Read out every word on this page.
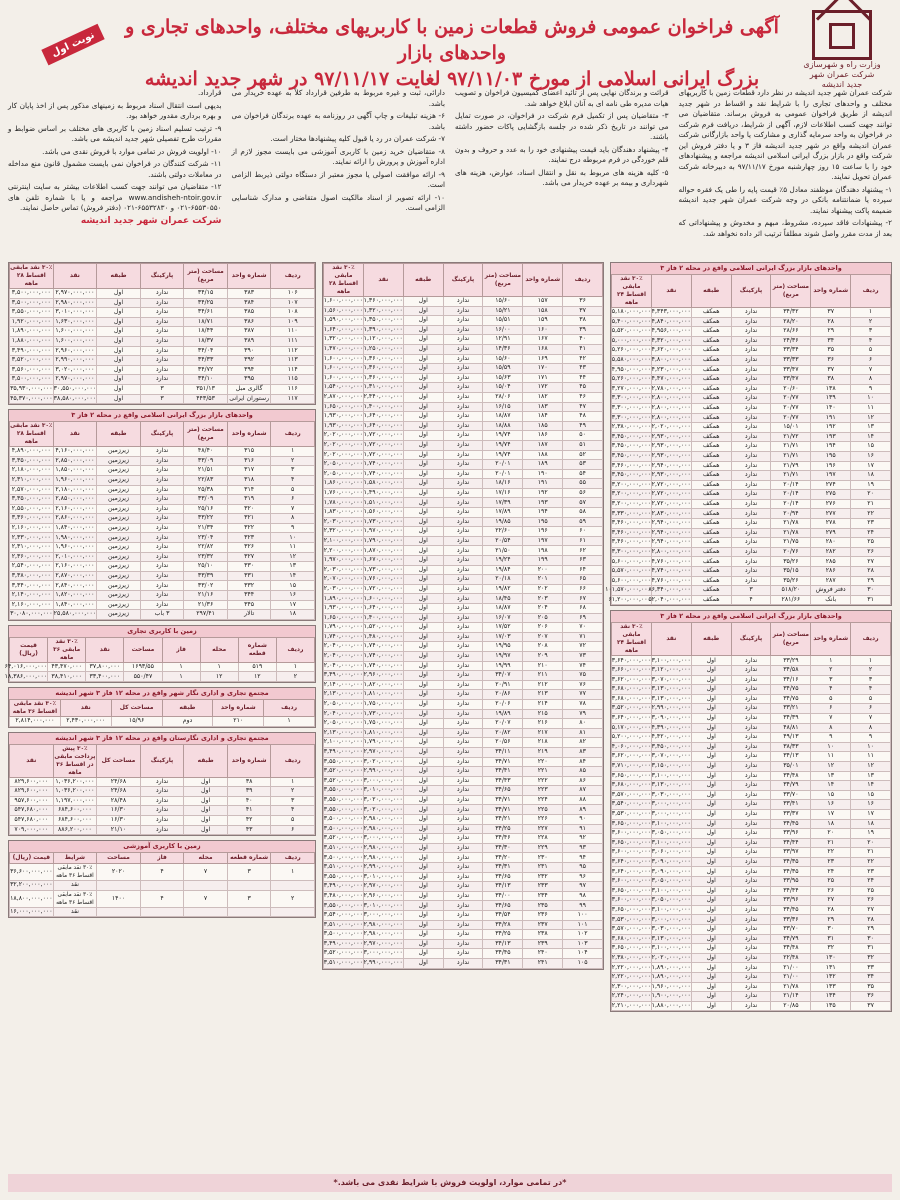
وزارت راه و شهرسازی
شرکت عمران شهر جدید اندیشه
آگهی فراخوان عمومی فروش قطعات زمین با کاربریهای مختلف، واحدهای تجاری و واحدهای بازار
بزرگ ایرانی اسلامی از مورخ ۹۷/۱۱/۰۳ لغایت ۹۷/۱۱/۱۷ در شهر جدید اندیشه
نوبت اول

شرکت عمران شهر جدید اندیشه در نظر دارد قطعات زمین با کاربریهای مختلف و واحدهای تجاری را با شرایط نقد و اقساط در شهر جدید اندیشه از طریق فراخوان عمومی به فروش برساند. متقاضیان می توانند جهت کسب اطلاعات لازم، آگهی از شرایط، دریافت فرم شرکت در فراخوان به واحد سرمایه گذاری و مشارکت یا واحد بازارگانی شرکت عمران اندیشه واقع در شهر جدید اندیشه فاز ۳ و یا دفتر فروش این شرکت واقع در بازار بزرگ ایرانی اسلامی اندیشه مراجعه و پیشنهادهای خود را با ساعت ۱۵ روز چهارشنبه مورخ ۹۷/۱۱/۱۷ به دبیرخانه شرکت عمران تحویل نمایند.

۱- پیشنهاد دهندگان موظفند معادل ۵٪ قیمت پایه را طی یک فقره حواله سپرده یا ضمانتنامه بانکی در وجه شرکت عمران شهر جدید اندیشه ضمیمه پاکت پیشنهاد نمایند.

۲- پیشنهادات فاقد سپرده، مشروط، مبهم و مخدوش و پیشنهاداتی که بعد از مدت مقرر واصل شوند مطلقاً ترتیب اثر داده نخواهد شد.

قرائت و برندگان نهایی پس از تائید اعضای کمیسیون فراخوان و تصویب هیات مدیره طی نامه ای به آنان ابلاغ خواهد شد.

۳- متقاضیان پس از تکمیل فرم شرکت در فراخوان، در صورت تمایل می توانند در تاریخ ذکر شده در جلسه بازگشایی پاکات حضور داشته باشند.

۴- پیشنهاد دهندگان باید قیمت پیشنهادی خود را به عدد و حروف و بدون قلم خوردگی در فرم مربوطه درج نمایند.

۵- کلیه هزینه های مربوط به نقل و انتقال اسناد، عوارض، هزینه های شهرداری و بیمه بر عهده خریدار می باشد.

دارائی، ثبت و غیره مربوط به طرفین قرارداد کلاً به عهده خریدار می باشد.

۶- هزینه تبلیغات و چاپ آگهی در روزنامه به عهده برندگان فراخوان می باشد.

۷- شرکت عمران در رد یا قبول کلیه پیشنهادها مختار است.

۸- متقاضیان خرید زمین با کاربری آموزشی می بایست مجوز لازم از اداره آموزش و پرورش را ارائه نمایند.

۹- ارائه موافقت اصولی یا مجوز معتبر از دستگاه دولتی ذیربط الزامی است.

۱۰- ارائه تصویر از اسناد مالکیت اصول متقاضی و مدارک شناسایی الزامی است.

قرارداد.

بدیهی است انتقال اسناد مربوط به زمینهای مذکور پس از اخذ پایان کار و بهره برداری مقدور خواهد بود.

۹- ترتیب تسلیم اسناد زمین با کاربری های مختلف بر اساس ضوابط و مقررات طرح تفصیلی شهر جدید اندیشه می باشد.

۱۰- اولویت فروش در تمامی موارد با فروش نقدی می باشد.

۱۱- شرکت کنندگان در فراخوان نمی بایست مشمول قانون منع مداخله در معاملات دولتی باشند.

۱۲- متقاضیان می توانند جهت کسب اطلاعات بیشتر به سایت اینترنتی www.andisheh-ntoir.gov.ir مراجعه و یا با شماره تلفن های ۶۵۵۳۰۵۵۰-۰۲۱ و ۶۵۵۳۲۸۳۰-۰۲۱ (دفتر فروش) تماس حاصل نمایند.

شرکت عمران شهر جدید اندیشه

واحدهای بازار بزرگ ایرانی اسلامی واقع در محله ۲ فاز ۳
ردیف	شماره واحد	مساحت (متر مربع)	پارکینگ	طبقه	نقد	۳۰٪ نقد مابقی اقساط ۲۴ ماهه
۱	۳۷	۳۴/۳۲	ندارد	همکف	۴,۳۴۳,۰۰۰,۰۰۰	۵,۱۸۰,۰۰۰,۰۰۰
۲	۲۸	۲۸/۲۰	ندارد	همکف	۴,۸۴۰,۰۰۰,۰۰۰	۵,۴۰۰,۰۰۰,۰۰۰
۳	۲۹	۲۸/۶۶	ندارد	همکف	۴,۹۵۶,۰۰۰,۰۰۰	۵,۵۲۰,۰۰۰,۰۰۰
۴	۳۴	۲۴/۳۶	ندارد	همکف	۴,۳۲۰,۰۰۰,۰۰۰	۵,۰۰۰,۰۰۰,۰۰۰
۵	۳۵	۳۳/۳۴	ندارد	همکف	۴,۶۲۰,۰۰۰,۰۰۰	۵,۲۶۰,۰۰۰,۰۰۰
۶	۳۶	۳۳/۳۳	ندارد	همکف	۴,۸۰۰,۰۰۰,۰۰۰	۵,۵۸۰,۰۰۰,۰۰۰
۷	۳۷	۳۳/۴۷	ندارد	همکف	۴,۲۳۰,۰۰۰,۰۰۰	۴,۹۵۰,۰۰۰,۰۰۰
۸	۳۸	۳۳/۴۷	ندارد	همکف	۴,۴۷۰,۰۰۰,۰۰۰	۵,۲۶۰,۰۰۰,۰۰۰
۹	۱۳۸	۲۰/۶۰	ندارد	همکف	۲,۷۸۰,۰۰۰,۰۰۰	۳,۲۷۰,۰۰۰,۰۰۰
۱۰	۱۳۹	۲۰/۷۷	ندارد	همکف	۲,۸۰۰,۰۰۰,۰۰۰	۳,۳۰۰,۰۰۰,۰۰۰
۱۱	۱۴۰	۲۰/۷۷	ندارد	همکف	۲,۸۰۰,۰۰۰,۰۰۰	۳,۳۰۰,۰۰۰,۰۰۰
۱۲	۱۹۱	۲۰/۷۷	ندارد	همکف	۲,۸۰۰,۰۰۰,۰۰۰	۳,۳۰۰,۰۰۰,۰۰۰
۱۳	۱۹۲	۱۵/۰۱	ندارد	همکف	۲,۰۲۰,۰۰۰,۰۰۰	۲,۳۸۰,۰۰۰,۰۰۰
۱۴	۱۹۳	۲۱/۷۲	ندارد	همکف	۲,۹۳۰,۰۰۰,۰۰۰	۳,۴۵۰,۰۰۰,۰۰۰
۱۵	۱۹۴	۲۱/۷۱	ندارد	همکف	۲,۹۳۰,۰۰۰,۰۰۰	۳,۴۵۰,۰۰۰,۰۰۰
۱۶	۱۹۵	۲۱/۷۱	ندارد	همکف	۲,۹۳۰,۰۰۰,۰۰۰	۳,۴۵۰,۰۰۰,۰۰۰
۱۷	۱۹۶	۲۱/۷۹	ندارد	همکف	۲,۹۴۰,۰۰۰,۰۰۰	۳,۴۶۰,۰۰۰,۰۰۰
۱۸	۱۹۷	۲۱/۷۱	ندارد	همکف	۲,۹۳۰,۰۰۰,۰۰۰	۳,۴۵۰,۰۰۰,۰۰۰
۱۹	۲۷۴	۲۰/۱۴	ندارد	همکف	۲,۷۲۰,۰۰۰,۰۰۰	۳,۲۰۰,۰۰۰,۰۰۰
۲۰	۲۷۵	۲۰/۱۴	ندارد	همکف	۲,۷۲۰,۰۰۰,۰۰۰	۳,۲۰۰,۰۰۰,۰۰۰
۲۱	۲۷۶	۲۰/۱۴	ندارد	همکف	۲,۷۲۰,۰۰۰,۰۰۰	۳,۲۰۰,۰۰۰,۰۰۰
۲۲	۲۷۷	۲۰/۹۴	ندارد	همکف	۲,۸۳۰,۰۰۰,۰۰۰	۳,۳۳۰,۰۰۰,۰۰۰
۲۳	۲۷۸	۲۱/۷۸	ندارد	همکف	۲,۹۴۰,۰۰۰,۰۰۰	۳,۴۶۰,۰۰۰,۰۰۰
۲۴	۲۷۹	۲۱/۷۸	ندارد	همکف	۲,۹۴۰,۰۰۰,۰۰۰	۳,۴۶۰,۰۰۰,۰۰۰
۲۵	۲۸۰	۲۱/۷۵	ندارد	همکف	۲,۹۴۰,۰۰۰,۰۰۰	۳,۴۶۰,۰۰۰,۰۰۰
۲۶	۲۸۲	۲۰/۷۶	ندارد	همکف	۲,۸۰۰,۰۰۰,۰۰۰	۳,۳۰۰,۰۰۰,۰۰۰
۲۷	۲۸۵	۳۵/۲۶	ندارد	همکف	۴,۷۶۰,۰۰۰,۰۰۰	۵,۶۰۰,۰۰۰,۰۰۰
۲۸	۲۸۶	۳۵/۱۵	ندارد	همکف	۴,۷۴۰,۰۰۰,۰۰۰	۵,۵۷۰,۰۰۰,۰۰۰
۲۹	۲۸۷	۳۵/۲۶	ندارد	همکف	۴,۷۶۰,۰۰۰,۰۰۰	۵,۶۰۰,۰۰۰,۰۰۰
۳۰	دفتر فروش	۵۱۸/۲۰	۳	همکف	۸۶,۳۴۰,۰۰۰,۰۰۰	۱۰۱,۵۷۰,۰۰۰,۰۰۰
۳۱	بانک	۲۸۱/۶۶	۴	همکف	۵۲,۰۴۰,۰۰۰,۰۰۰	۶۱,۲۰۰,۰۰۰,۰۰۰
واحدهای بازار بزرگ ایرانی اسلامی واقع در محله ۲ فاز ۳
ردیف	شماره واحد	مساحت (متر مربع)	پارکینگ	طبقه	نقد	۳۰٪ نقد مابقی اقساط ۲۴ ماهه
۱	۱	۳۳/۲۹	ندارد	اول	۳,۱۰۰,۰۰۰,۰۰۰	۳,۶۴۰,۰۰۰,۰۰۰
۲	۲	۳۴/۵۸	ندارد	اول	۳,۱۲۰,۰۰۰,۰۰۰	۳,۶۶۰,۰۰۰,۰۰۰
۳	۳	۳۴/۱۶	ندارد	اول	۳,۰۷۰,۰۰۰,۰۰۰	۳,۶۲۰,۰۰۰,۰۰۰
۴	۴	۳۴/۷۵	ندارد	اول	۳,۱۳۰,۰۰۰,۰۰۰	۳,۶۸۰,۰۰۰,۰۰۰
۵	۵	۳۴/۷۵	ندارد	اول	۳,۱۳۰,۰۰۰,۰۰۰	۳,۶۸۰,۰۰۰,۰۰۰
۶	۶	۳۳/۲۱	ندارد	اول	۲,۹۹۰,۰۰۰,۰۰۰	۳,۵۲۰,۰۰۰,۰۰۰
۷	۷	۳۴/۳۹	ندارد	اول	۳,۰۹۰,۰۰۰,۰۰۰	۳,۶۴۰,۰۰۰,۰۰۰
۸	۸	۴۸/۸۱	ندارد	اول	۴,۳۹۰,۰۰۰,۰۰۰	۵,۱۷۰,۰۰۰,۰۰۰
۹	۹	۴۹/۱۳	ندارد	اول	۴,۴۲۰,۰۰۰,۰۰۰	۵,۲۰۰,۰۰۰,۰۰۰
۱۰	۱۰	۳۸/۳۳	ندارد	اول	۳,۴۵۰,۰۰۰,۰۰۰	۴,۰۶۰,۰۰۰,۰۰۰
۱۱	۱۱	۳۴/۱۳	ندارد	اول	۳,۰۷۰,۰۰۰,۰۰۰	۳,۶۲۰,۰۰۰,۰۰۰
۱۲	۱۲	۳۵/۰۱	ندارد	اول	۳,۱۵۰,۰۰۰,۰۰۰	۳,۷۱۰,۰۰۰,۰۰۰
۱۳	۱۳	۳۴/۴۸	ندارد	اول	۳,۱۰۰,۰۰۰,۰۰۰	۳,۶۵۰,۰۰۰,۰۰۰
۱۴	۱۴	۳۴/۷۹	ندارد	اول	۳,۱۳۰,۰۰۰,۰۰۰	۳,۶۸۰,۰۰۰,۰۰۰
۱۵	۱۵	۳۳/۷۰	ندارد	اول	۳,۰۳۰,۰۰۰,۰۰۰	۳,۵۷۰,۰۰۰,۰۰۰
۱۶	۱۶	۳۳/۴۱	ندارد	اول	۳,۰۰۰,۰۰۰,۰۰۰	۳,۵۴۰,۰۰۰,۰۰۰
۱۷	۱۷	۳۳/۳۷	ندارد	اول	۳,۰۰۰,۰۰۰,۰۰۰	۳,۵۳۰,۰۰۰,۰۰۰
۱۸	۱۸	۳۴/۴۵	ندارد	اول	۳,۱۰۰,۰۰۰,۰۰۰	۳,۶۵۰,۰۰۰,۰۰۰
۱۹	۲۰	۳۳/۹۶	ندارد	اول	۳,۰۵۰,۰۰۰,۰۰۰	۳,۶۰۰,۰۰۰,۰۰۰
۲۰	۲۱	۳۴/۴۴	ندارد	اول	۳,۱۰۰,۰۰۰,۰۰۰	۳,۶۵۰,۰۰۰,۰۰۰
۲۱	۲۲	۳۳/۹۷	ندارد	اول	۳,۰۶۰,۰۰۰,۰۰۰	۳,۶۰۰,۰۰۰,۰۰۰
۲۲	۲۳	۳۴/۳۵	ندارد	اول	۳,۰۹۰,۰۰۰,۰۰۰	۳,۶۴۰,۰۰۰,۰۰۰
۲۳	۲۴	۳۴/۳۵	ندارد	اول	۳,۰۹۰,۰۰۰,۰۰۰	۳,۶۴۰,۰۰۰,۰۰۰
۲۴	۲۵	۳۳/۹۵	ندارد	اول	۳,۰۵۰,۰۰۰,۰۰۰	۳,۶۰۰,۰۰۰,۰۰۰
۲۵	۲۶	۳۴/۴۴	ندارد	اول	۳,۱۰۰,۰۰۰,۰۰۰	۳,۶۵۰,۰۰۰,۰۰۰
۲۶	۲۷	۳۳/۹۶	ندارد	اول	۳,۰۵۰,۰۰۰,۰۰۰	۳,۶۰۰,۰۰۰,۰۰۰
۲۷	۲۸	۳۴/۴۵	ندارد	اول	۳,۱۰۰,۰۰۰,۰۰۰	۳,۶۵۰,۰۰۰,۰۰۰
۲۸	۲۹	۳۳/۳۶	ندارد	اول	۳,۰۰۰,۰۰۰,۰۰۰	۳,۵۳۰,۰۰۰,۰۰۰
۲۹	۳۰	۳۳/۷۰	ندارد	اول	۳,۰۳۰,۰۰۰,۰۰۰	۳,۵۷۰,۰۰۰,۰۰۰
۳۰	۳۱	۳۴/۷۹	ندارد	اول	۳,۱۳۰,۰۰۰,۰۰۰	۳,۶۸۰,۰۰۰,۰۰۰
۳۱	۳۲	۳۴/۴۸	ندارد	اول	۳,۱۰۰,۰۰۰,۰۰۰	۳,۶۵۰,۰۰۰,۰۰۰
۳۲	۱۳۰	۲۲/۴۸	ندارد	اول	۲,۰۲۰,۰۰۰,۰۰۰	۲,۳۸۰,۰۰۰,۰۰۰
۳۳	۱۳۱	۲۱/۰۰	ندارد	اول	۱,۸۹۰,۰۰۰,۰۰۰	۲,۲۲۰,۰۰۰,۰۰۰
۳۴	۱۳۲	۲۱/۰۰	ندارد	اول	۱,۸۹۰,۰۰۰,۰۰۰	۲,۲۲۰,۰۰۰,۰۰۰
۳۵	۱۳۳	۲۱/۷۸	ندارد	اول	۱,۹۶۰,۰۰۰,۰۰۰	۲,۳۰۰,۰۰۰,۰۰۰
۳۶	۱۳۴	۲۱/۱۴	ندارد	اول	۱,۹۰۰,۰۰۰,۰۰۰	۲,۲۴۰,۰۰۰,۰۰۰
۳۷	۱۳۵	۲۰/۸۵	ندارد	اول	۱,۸۸۰,۰۰۰,۰۰۰	۲,۲۱۰,۰۰۰,۰۰۰
ردیف	شماره واحد	مساحت (متر مربع)	پارکینگ	طبقه	نقد	۳۰٪ نقد مابقی اقساط ۲۸ ماهه
۳۶	۱۵۷	۱۵/۶۰	ندارد	اول	۱,۳۶۰,۰۰۰,۰۰۰	۱,۶۰۰,۰۰۰,۰۰۰
۳۷	۱۵۸	۱۵/۲۱	ندارد	اول	۱,۳۲۰,۰۰۰,۰۰۰	۱,۵۶۰,۰۰۰,۰۰۰
۳۸	۱۵۹	۱۵/۵۱	ندارد	اول	۱,۳۵۰,۰۰۰,۰۰۰	۱,۵۹۰,۰۰۰,۰۰۰
۳۹	۱۶۰	۱۶/۰۰	ندارد	اول	۱,۳۹۰,۰۰۰,۰۰۰	۱,۶۴۰,۰۰۰,۰۰۰
۴۰	۱۶۷	۱۲/۹۱	ندارد	اول	۱,۱۲۰,۰۰۰,۰۰۰	۱,۳۲۰,۰۰۰,۰۰۰
۴۱	۱۶۸	۱۴/۳۶	ندارد	اول	۱,۲۵۰,۰۰۰,۰۰۰	۱,۴۷۰,۰۰۰,۰۰۰
۴۲	۱۶۹	۱۵/۶۰	ندارد	اول	۱,۳۶۰,۰۰۰,۰۰۰	۱,۶۰۰,۰۰۰,۰۰۰
۴۳	۱۷۰	۱۵/۵۹	ندارد	اول	۱,۳۶۰,۰۰۰,۰۰۰	۱,۶۰۰,۰۰۰,۰۰۰
۴۴	۱۷۱	۱۵/۶۳	ندارد	اول	۱,۳۶۰,۰۰۰,۰۰۰	۱,۶۰۰,۰۰۰,۰۰۰
۴۵	۱۷۲	۱۵/۰۴	ندارد	اول	۱,۳۱۰,۰۰۰,۰۰۰	۱,۵۴۰,۰۰۰,۰۰۰
۴۶	۱۸۲	۲۸/۰۶	ندارد	اول	۲,۴۴۰,۰۰۰,۰۰۰	۲,۸۷۰,۰۰۰,۰۰۰
۴۷	۱۸۳	۱۶/۱۵	ندارد	اول	۱,۴۰۰,۰۰۰,۰۰۰	۱,۶۵۰,۰۰۰,۰۰۰
۴۸	۱۸۴	۱۸/۸۷	ندارد	اول	۱,۶۴۰,۰۰۰,۰۰۰	۱,۹۳۰,۰۰۰,۰۰۰
۴۹	۱۸۵	۱۸/۸۸	ندارد	اول	۱,۶۴۰,۰۰۰,۰۰۰	۱,۹۳۰,۰۰۰,۰۰۰
۵۰	۱۸۶	۱۹/۷۴	ندارد	اول	۱,۷۲۰,۰۰۰,۰۰۰	۲,۰۲۰,۰۰۰,۰۰۰
۵۱	۱۸۷	۱۹/۷۴	ندارد	اول	۱,۷۲۰,۰۰۰,۰۰۰	۲,۰۲۰,۰۰۰,۰۰۰
۵۲	۱۸۸	۱۹/۷۴	ندارد	اول	۱,۷۲۰,۰۰۰,۰۰۰	۲,۰۲۰,۰۰۰,۰۰۰
۵۳	۱۸۹	۲۰/۰۱	ندارد	اول	۱,۷۴۰,۰۰۰,۰۰۰	۲,۰۵۰,۰۰۰,۰۰۰
۵۴	۱۹۰	۲۰/۰۱	ندارد	اول	۱,۷۴۰,۰۰۰,۰۰۰	۲,۰۵۰,۰۰۰,۰۰۰
۵۵	۱۹۱	۱۸/۱۶	ندارد	اول	۱,۵۸۰,۰۰۰,۰۰۰	۱,۸۶۰,۰۰۰,۰۰۰
۵۶	۱۹۲	۱۷/۱۶	ندارد	اول	۱,۴۹۰,۰۰۰,۰۰۰	۱,۷۶۰,۰۰۰,۰۰۰
۵۷	۱۹۳	۱۷/۳۹	ندارد	اول	۱,۵۱۰,۰۰۰,۰۰۰	۱,۷۸۰,۰۰۰,۰۰۰
۵۸	۱۹۴	۱۷/۸۹	ندارد	اول	۱,۵۶۰,۰۰۰,۰۰۰	۱,۸۳۰,۰۰۰,۰۰۰
۵۹	۱۹۵	۱۹/۸۵	ندارد	اول	۱,۷۳۰,۰۰۰,۰۰۰	۲,۰۳۰,۰۰۰,۰۰۰
۶۰	۱۹۶	۲۲/۶۰	ندارد	اول	۱,۹۷۰,۰۰۰,۰۰۰	۲,۳۲۰,۰۰۰,۰۰۰
۶۱	۱۹۷	۲۰/۵۴	ندارد	اول	۱,۷۹۰,۰۰۰,۰۰۰	۲,۱۰۰,۰۰۰,۰۰۰
۶۲	۱۹۸	۲۱/۵۰	ندارد	اول	۱,۸۷۰,۰۰۰,۰۰۰	۲,۲۰۰,۰۰۰,۰۰۰
۶۳	۱۹۹	۱۹/۲۴	ندارد	اول	۱,۶۷۰,۰۰۰,۰۰۰	۱,۹۷۰,۰۰۰,۰۰۰
۶۴	۲۰۰	۱۹/۸۴	ندارد	اول	۱,۷۳۰,۰۰۰,۰۰۰	۲,۰۳۰,۰۰۰,۰۰۰
۶۵	۲۰۱	۲۰/۱۸	ندارد	اول	۱,۷۶۰,۰۰۰,۰۰۰	۲,۰۷۰,۰۰۰,۰۰۰
۶۶	۲۰۲	۱۹/۸۲	ندارد	اول	۱,۷۲۰,۰۰۰,۰۰۰	۲,۰۳۰,۰۰۰,۰۰۰
۶۷	۲۰۳	۱۸/۴۵	ندارد	اول	۱,۶۰۰,۰۰۰,۰۰۰	۱,۸۹۰,۰۰۰,۰۰۰
۶۸	۲۰۴	۱۸/۸۷	ندارد	اول	۱,۶۴۰,۰۰۰,۰۰۰	۱,۹۳۰,۰۰۰,۰۰۰
۶۹	۲۰۵	۱۶/۰۷	ندارد	اول	۱,۴۰۰,۰۰۰,۰۰۰	۱,۶۵۰,۰۰۰,۰۰۰
۷۰	۲۰۶	۱۷/۵۲	ندارد	اول	۱,۵۲۰,۰۰۰,۰۰۰	۱,۷۹۰,۰۰۰,۰۰۰
۷۱	۲۰۷	۱۷/۰۳	ندارد	اول	۱,۴۸۰,۰۰۰,۰۰۰	۱,۷۴۰,۰۰۰,۰۰۰
۷۲	۲۰۸	۱۹/۹۵	ندارد	اول	۱,۷۴۰,۰۰۰,۰۰۰	۲,۰۴۰,۰۰۰,۰۰۰
۷۳	۲۰۹	۱۹/۹۷	ندارد	اول	۱,۷۴۰,۰۰۰,۰۰۰	۲,۰۴۰,۰۰۰,۰۰۰
۷۴	۲۱۰	۱۹/۹۹	ندارد	اول	۱,۷۴۰,۰۰۰,۰۰۰	۲,۰۴۰,۰۰۰,۰۰۰
۷۵	۲۱۱	۳۴/۰۷	ندارد	اول	۲,۹۶۰,۰۰۰,۰۰۰	۳,۴۹۰,۰۰۰,۰۰۰
۷۶	۲۱۲	۲۰/۹۱	ندارد	اول	۱,۸۲۰,۰۰۰,۰۰۰	۲,۱۴۰,۰۰۰,۰۰۰
۷۷	۲۱۳	۲۰/۸۶	ندارد	اول	۱,۸۱۰,۰۰۰,۰۰۰	۲,۱۳۰,۰۰۰,۰۰۰
۷۸	۲۱۴	۲۰/۰۶	ندارد	اول	۱,۷۵۰,۰۰۰,۰۰۰	۲,۰۵۰,۰۰۰,۰۰۰
۷۹	۲۱۵	۱۹/۸۹	ندارد	اول	۱,۷۳۰,۰۰۰,۰۰۰	۲,۰۴۰,۰۰۰,۰۰۰
۸۰	۲۱۶	۲۰/۰۷	ندارد	اول	۱,۷۵۰,۰۰۰,۰۰۰	۲,۰۵۰,۰۰۰,۰۰۰
۸۱	۲۱۷	۲۰/۸۲	ندارد	اول	۱,۸۱۰,۰۰۰,۰۰۰	۲,۱۳۰,۰۰۰,۰۰۰
۸۲	۲۱۸	۲۰/۵۶	ندارد	اول	۱,۷۹۰,۰۰۰,۰۰۰	۲,۱۰۰,۰۰۰,۰۰۰
۸۳	۲۱۹	۳۴/۱۱	ندارد	اول	۲,۹۷۰,۰۰۰,۰۰۰	۳,۴۹۰,۰۰۰,۰۰۰
۸۴	۲۲۰	۳۴/۷۱	ندارد	اول	۳,۰۲۰,۰۰۰,۰۰۰	۳,۵۵۰,۰۰۰,۰۰۰
۸۵	۲۲۱	۳۴/۴۱	ندارد	اول	۲,۹۹۰,۰۰۰,۰۰۰	۳,۵۲۰,۰۰۰,۰۰۰
۸۶	۲۲۲	۳۴/۴۳	ندارد	اول	۳,۰۰۰,۰۰۰,۰۰۰	۳,۵۲۰,۰۰۰,۰۰۰
۸۷	۲۲۳	۳۴/۶۵	ندارد	اول	۳,۰۱۰,۰۰۰,۰۰۰	۳,۵۵۰,۰۰۰,۰۰۰
۸۸	۲۲۴	۳۴/۷۱	ندارد	اول	۳,۰۲۰,۰۰۰,۰۰۰	۳,۵۵۰,۰۰۰,۰۰۰
۸۹	۲۲۵	۳۴/۷۱	ندارد	اول	۳,۰۲۰,۰۰۰,۰۰۰	۳,۵۵۰,۰۰۰,۰۰۰
۹۰	۲۲۶	۳۴/۲۱	ندارد	اول	۲,۹۸۰,۰۰۰,۰۰۰	۳,۵۰۰,۰۰۰,۰۰۰
۹۱	۲۲۷	۳۴/۲۵	ندارد	اول	۲,۹۸۰,۰۰۰,۰۰۰	۳,۵۰۰,۰۰۰,۰۰۰
۹۲	۲۲۸	۳۴/۴۶	ندارد	اول	۳,۰۰۰,۰۰۰,۰۰۰	۳,۵۲۰,۰۰۰,۰۰۰
۹۳	۲۲۹	۳۴/۳۰	ندارد	اول	۲,۹۸۰,۰۰۰,۰۰۰	۳,۵۱۰,۰۰۰,۰۰۰
۹۴	۲۳۰	۳۴/۲۰	ندارد	اول	۲,۹۸۰,۰۰۰,۰۰۰	۳,۵۰۰,۰۰۰,۰۰۰
۹۵	۲۳۱	۳۴/۳۱	ندارد	اول	۲,۹۹۰,۰۰۰,۰۰۰	۳,۵۱۰,۰۰۰,۰۰۰
۹۶	۲۳۲	۳۴/۶۵	ندارد	اول	۳,۰۱۰,۰۰۰,۰۰۰	۳,۵۵۰,۰۰۰,۰۰۰
۹۷	۲۳۳	۳۴/۱۳	ندارد	اول	۲,۹۷۰,۰۰۰,۰۰۰	۳,۴۹۰,۰۰۰,۰۰۰
۹۸	۲۳۴	۳۴/۰۰	ندارد	اول	۲,۹۶۰,۰۰۰,۰۰۰	۳,۴۸۰,۰۰۰,۰۰۰
۹۹	۲۳۵	۳۴/۶۵	ندارد	اول	۳,۰۱۰,۰۰۰,۰۰۰	۳,۵۵۰,۰۰۰,۰۰۰
۱۰۰	۲۳۶	۳۴/۵۴	ندارد	اول	۳,۰۰۰,۰۰۰,۰۰۰	۳,۵۴۰,۰۰۰,۰۰۰
۱۰۱	۲۳۷	۳۴/۲۸	ندارد	اول	۲,۹۸۰,۰۰۰,۰۰۰	۳,۵۱۰,۰۰۰,۰۰۰
۱۰۲	۲۳۸	۳۴/۲۵	ندارد	اول	۲,۹۸۰,۰۰۰,۰۰۰	۳,۵۰۰,۰۰۰,۰۰۰
۱۰۳	۲۳۹	۳۴/۱۳	ندارد	اول	۲,۹۷۰,۰۰۰,۰۰۰	۳,۴۹۰,۰۰۰,۰۰۰
۱۰۴	۲۴۰	۳۴/۴۵	ندارد	اول	۳,۰۰۰,۰۰۰,۰۰۰	۳,۵۲۰,۰۰۰,۰۰۰
۱۰۵	۲۴۱	۳۴/۳۱	ندارد	اول	۲,۹۹۰,۰۰۰,۰۰۰	۳,۵۱۰,۰۰۰,۰۰۰
ردیف	شماره واحد	مساحت (متر مربع)	پارکینگ	طبقه	نقد	۳۰٪ نقد مابقی اقساط ۲۸ ماهه
۱۰۶	۳۸۳	۳۴/۱۵	ندارد	اول	۲,۹۷۰,۰۰۰,۰۰۰	۳,۵۰۰,۰۰۰,۰۰۰
۱۰۷	۳۸۴	۳۴/۲۵	ندارد	اول	۲,۹۸۰,۰۰۰,۰۰۰	۳,۵۰۰,۰۰۰,۰۰۰
۱۰۸	۳۸۵	۳۴/۶۱	ندارد	اول	۳,۰۱۰,۰۰۰,۰۰۰	۳,۵۵۰,۰۰۰,۰۰۰
۱۰۹	۳۸۶	۱۸/۷۱	ندارد	اول	۱,۶۳۰,۰۰۰,۰۰۰	۱,۹۲۰,۰۰۰,۰۰۰
۱۱۰	۳۸۷	۱۸/۴۴	ندارد	اول	۱,۶۰۰,۰۰۰,۰۰۰	۱,۸۹۰,۰۰۰,۰۰۰
۱۱۱	۳۸۹	۱۸/۳۷	ندارد	اول	۱,۶۰۰,۰۰۰,۰۰۰	۱,۸۸۰,۰۰۰,۰۰۰
۱۱۲	۳۹۰	۳۴/۰۴	ندارد	اول	۲,۹۶۰,۰۰۰,۰۰۰	۳,۴۹۰,۰۰۰,۰۰۰
۱۱۳	۳۹۲	۳۴/۳۳	ندارد	اول	۲,۹۹۰,۰۰۰,۰۰۰	۳,۵۲۰,۰۰۰,۰۰۰
۱۱۴	۳۹۴	۳۴/۷۲	ندارد	اول	۳,۰۲۰,۰۰۰,۰۰۰	۳,۵۶۰,۰۰۰,۰۰۰
۱۱۵	۳۹۵	۳۴/۱۰	ندارد	اول	۲,۹۷۰,۰۰۰,۰۰۰	۳,۵۰۰,۰۰۰,۰۰۰
۱۱۶	گالری مبل	۳۵۱/۱۳	۳	اول	۳۰,۵۵۰,۰۰۰,۰۰۰	۳۵,۹۳۰,۰۰۰,۰۰۰
۱۱۷	رستوران ایرانی	۴۴۳/۵۳	۳	اول	۳۸,۵۸۰,۰۰۰,۰۰۰	۴۵,۳۷۰,۰۰۰,۰۰۰
واحدهای بازار بزرگ ایرانی اسلامی واقع در محله ۲ فاز ۳
ردیف	شماره واحد	مساحت (متر مربع)	پارکینگ	طبقه	نقد	۳۰٪ نقد مابقی اقساط ۲۸ ماهه
۱	۳۱۵	۴۸/۴۰	ندارد	زیرزمین	۴,۱۶۰,۰۰۰,۰۰۰	۴,۸۹۰,۰۰۰,۰۰۰
۲	۳۱۶	۳۳/۰۹	ندارد	زیرزمین	۲,۸۵۰,۰۰۰,۰۰۰	۳,۳۵۰,۰۰۰,۰۰۰
۳	۳۱۷	۲۱/۵۱	ندارد	زیرزمین	۱,۸۵۰,۰۰۰,۰۰۰	۲,۱۸۰,۰۰۰,۰۰۰
۴	۳۱۸	۲۲/۸۳	ندارد	زیرزمین	۱,۹۶۰,۰۰۰,۰۰۰	۲,۳۱۰,۰۰۰,۰۰۰
۵	۳۱۴	۲۵/۳۸	ندارد	زیرزمین	۲,۱۸۰,۰۰۰,۰۰۰	۲,۵۷۰,۰۰۰,۰۰۰
۶	۳۱۹	۳۳/۰۹	ندارد	زیرزمین	۲,۸۵۰,۰۰۰,۰۰۰	۳,۳۵۰,۰۰۰,۰۰۰
۷	۳۲۰	۲۵/۱۶	ندارد	زیرزمین	۲,۱۶۰,۰۰۰,۰۰۰	۲,۵۵۰,۰۰۰,۰۰۰
۸	۳۲۱	۳۳/۲۲	ندارد	زیرزمین	۲,۸۶۰,۰۰۰,۰۰۰	۳,۳۶۰,۰۰۰,۰۰۰
۹	۳۲۲	۲۱/۳۴	ندارد	زیرزمین	۱,۸۴۰,۰۰۰,۰۰۰	۲,۱۶۰,۰۰۰,۰۰۰
۱۰	۳۲۳	۲۳/۰۴	ندارد	زیرزمین	۱,۹۸۰,۰۰۰,۰۰۰	۲,۳۳۰,۰۰۰,۰۰۰
۱۱	۳۲۶	۲۲/۸۲	ندارد	زیرزمین	۱,۹۶۰,۰۰۰,۰۰۰	۲,۳۱۰,۰۰۰,۰۰۰
۱۲	۳۲۷	۲۳/۳۲	ندارد	زیرزمین	۲,۰۱۰,۰۰۰,۰۰۰	۲,۳۶۰,۰۰۰,۰۰۰
۱۳	۳۳۰	۲۵/۱۰	ندارد	زیرزمین	۲,۱۶۰,۰۰۰,۰۰۰	۲,۵۴۰,۰۰۰,۰۰۰
۱۴	۳۳۱	۳۳/۳۹	ندارد	زیرزمین	۲,۸۷۰,۰۰۰,۰۰۰	۳,۳۸۰,۰۰۰,۰۰۰
۱۵	۳۳۲	۳۳/۰۲	ندارد	زیرزمین	۲,۸۴۰,۰۰۰,۰۰۰	۳,۳۴۰,۰۰۰,۰۰۰
۱۶	۳۴۴	۲۱/۱۶	ندارد	زیرزمین	۱,۸۲۰,۰۰۰,۰۰۰	۲,۱۴۰,۰۰۰,۰۰۰
۱۷	۳۴۵	۲۱/۳۶	ندارد	زیرزمین	۱,۸۴۰,۰۰۰,۰۰۰	۲,۱۶۰,۰۰۰,۰۰۰
۱۸	تالار	۲۹۷/۴۱	۳ باب	زیرزمین	۲۵,۵۸۰,۰۰۰,۰۰۰	۳۰,۰۸۰,۰۰۰,۰۰۰
زمین با کاربری تجاری
ردیف	شماره قطعه	محله	فاز	مساحت	نقد	۳۰٪ نقد مابقی ۳۶ ماهه	قیمت (ریال)
۱	۵۱۹	۱	۱	۱۶۹۳/۵۵	۳۷,۸۰۰,۰۰۰	۴۳,۴۷۰,۰۰۰	۶۴,۰۱۶,۰۰۰,۰۰۰
۲	۱۲	۱۲	۱	۵۵۰/۴۷	۳۳,۴۰۰,۰۰۰	۳۸,۴۱۰,۰۰۰	۱۸,۳۸۶,۰۰۰,۰۰۰
مجتمع تجاری و اداری نگار شهر واقع در محله ۱۲ فاز ۳ شهر اندیشه
ردیف	شماره واحد	طبقه	مساحت کل	نقد	۳۰٪ نقد مابقی اقساط ۳۶ ماهه
۱	۲۱۰	دوم	۱۵/۹۶	۲,۴۳۰,۰۰۰,۰۰۰	۲,۸۱۴,۰۰۰,۰۰۰
مجتمع تجاری و اداری نگارستان واقع در محله ۱۲ فاز ۳ شهر اندیشه
ردیف	شماره واحد	طبقه	پارکینگ	مساحت کل	۳۰٪ پیش پرداخت مابقی در اقساط ۳۶ ماهه	نقد
۱	۳۸	اول	ندارد	۲۴/۶۸	۱,۰۳۶,۲۰۰,۰۰۰	۸۲۹,۶۰۰,۰۰۰
۲	۳۹	اول	ندارد	۲۴/۶۸	۱,۰۳۶,۲۰۰,۰۰۰	۸۲۹,۶۰۰,۰۰۰
۳	۴۰	اول	ندارد	۲۸/۴۸	۱,۱۹۷,۰۰۰,۰۰۰	۹۵۷,۶۰۰,۰۰۰
۴	۴۱	اول	ندارد	۱۶/۳۰	۶۸۴,۶۰۰,۰۰۰	۵۴۷,۶۸۰,۰۰۰
۵	۴۲	اول	ندارد	۱۶/۳۰	۶۸۴,۶۰۰,۰۰۰	۵۴۷,۶۸۰,۰۰۰
۶	۴۳	اول	ندارد	۲۱/۱۰	۸۸۶,۲۰۰,۰۰۰	۷۰۹,۰۰۰,۰۰۰
زمین با کاربری آموزشی
ردیف	شماره قطعه	محله	فاز	مساحت	شرایط	قیمت (ریال)
۱	۳	۷	۴	۲۰۲۰	۳۰٪ نقد مابقی اقساط ۳۶ ماهه	۳۶,۶۰۰,۰۰۰,۰۰۰
					نقد	۳۲,۲۰۰,۰۰۰,۰۰۰
۲	۳	۷	۴	۱۴۰۰	۳۰٪ نقد مابقی اقساط ۳۶ ماهه	۱۸,۸۰۰,۰۰۰,۰۰۰
					نقد	۱۶,۰۰۰,۰۰۰,۰۰۰
*در تمامی موارد، اولویت فروش با شرایط نقدی می باشد.*
